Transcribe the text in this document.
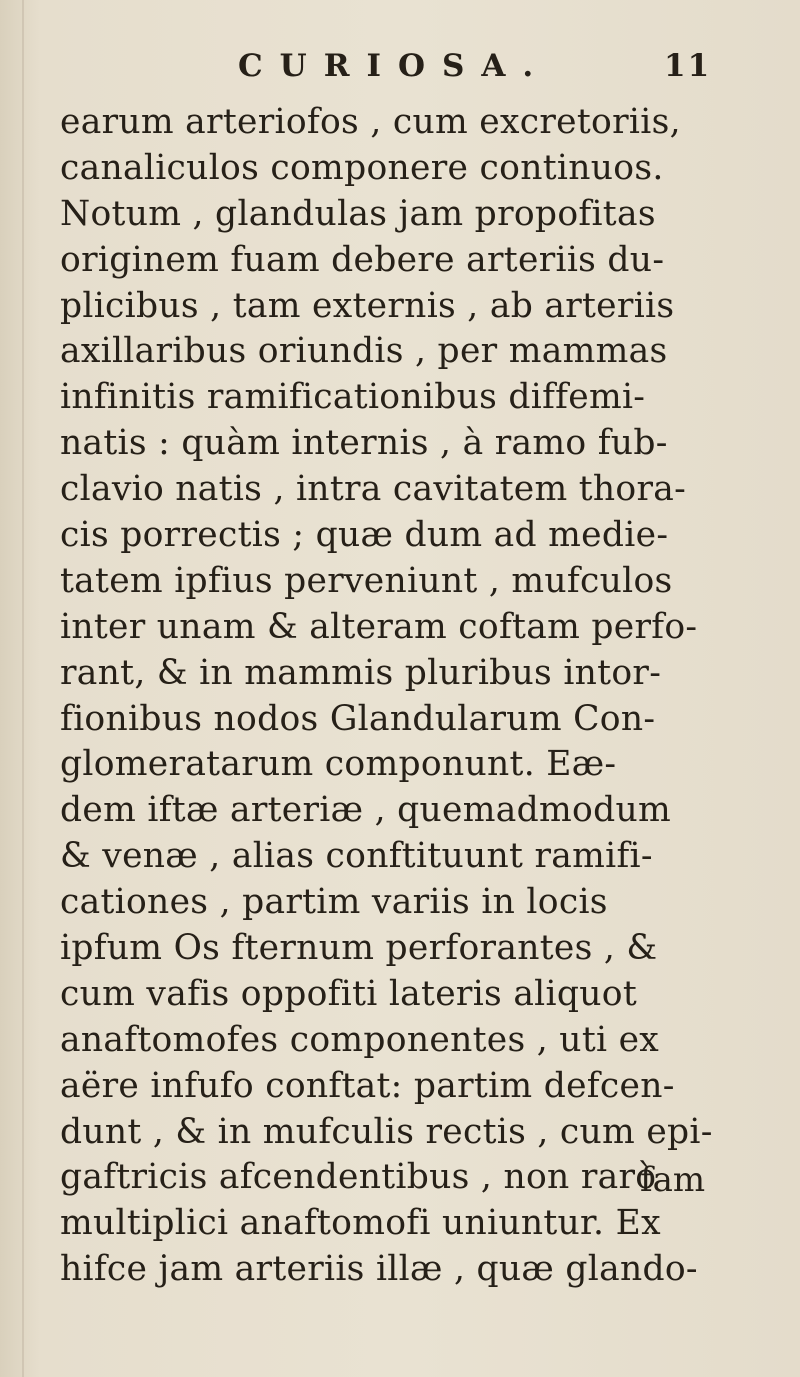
CURIOSA.	11
earum arteriofos , cum excretoriis,
canaliculos componere continuos.
Notum , glandulas jam propofitas
originem fuam debere arteriis du-
plicibus , tam externis , ab arteriis
axillaribus oriundis , per mammas
infinitis ramificationibus diffemi-
natis : quàm internis , à ramo fub-
clavio natis , intra cavitatem thora-
cis porrectis ; quæ dum ad medie-
tatem ipfius perveniunt , mufculos
inter unam & alteram coftam perfo-
rant, & in mammis pluribus intor-
fionibus nodos Glandularum Con-
glomeratarum componunt. Eæ-
dem iftæ arteriæ , quemadmodum
& venæ , alias conftituunt ramifi-
cationes , partim variis in locis
ipfum Os fternum perforantes , &
cum vafis oppofiti lateris aliquot
anaftomofes componentes , uti ex
aëre infufo conftat: partim defcen-
dunt , & in mufculis rectis , cum epi-
gaftricis afcendentibus , non rarò
multiplici anaftomofi uniuntur. Ex
hifce jam arteriis illæ , quæ glando-
fam
